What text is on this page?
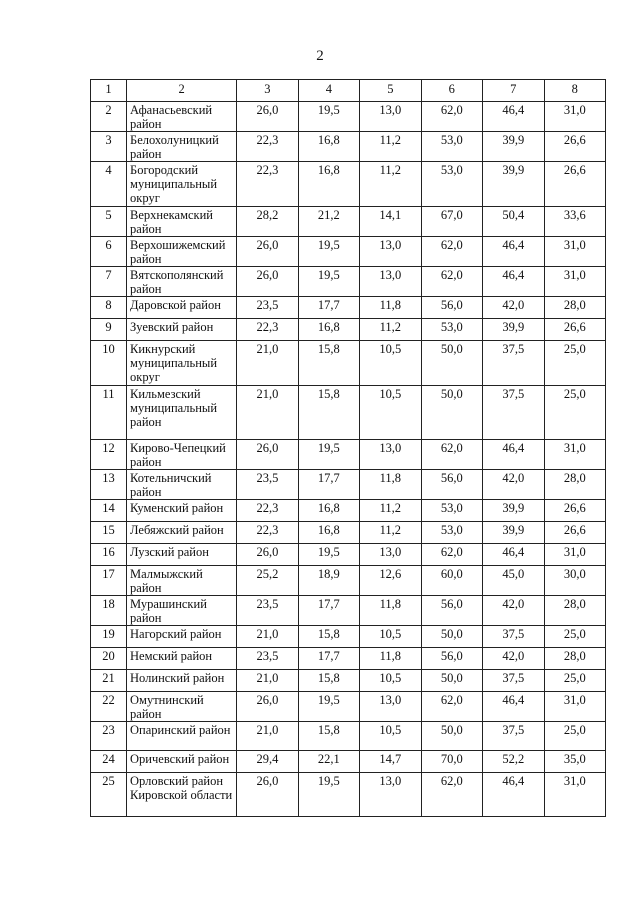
2
1	2	3	4	5	6	7	8
2	Афанасьевский район	26,0	19,5	13,0	62,0	46,4	31,0
3	Белохолуницкий район	22,3	16,8	11,2	53,0	39,9	26,6
4	Богородский муниципальный округ	22,3	16,8	11,2	53,0	39,9	26,6
5	Верхнекамский район	28,2	21,2	14,1	67,0	50,4	33,6
6	Верхошижемский район	26,0	19,5	13,0	62,0	46,4	31,0
7	Вятскополянский район	26,0	19,5	13,0	62,0	46,4	31,0
8	Даровской район	23,5	17,7	11,8	56,0	42,0	28,0
9	Зуевский район	22,3	16,8	11,2	53,0	39,9	26,6
10	Кикнурский муниципальный округ	21,0	15,8	10,5	50,0	37,5	25,0
11	Кильмезский муниципальный район	21,0	15,8	10,5	50,0	37,5	25,0
12	Кирово-Чепецкий район	26,0	19,5	13,0	62,0	46,4	31,0
13	Котельничский район	23,5	17,7	11,8	56,0	42,0	28,0
14	Куменский район	22,3	16,8	11,2	53,0	39,9	26,6
15	Лебяжский район	22,3	16,8	11,2	53,0	39,9	26,6
16	Лузский район	26,0	19,5	13,0	62,0	46,4	31,0
17	Малмыжский район	25,2	18,9	12,6	60,0	45,0	30,0
18	Мурашинский район	23,5	17,7	11,8	56,0	42,0	28,0
19	Нагорский район	21,0	15,8	10,5	50,0	37,5	25,0
20	Немский район	23,5	17,7	11,8	56,0	42,0	28,0
21	Нолинский район	21,0	15,8	10,5	50,0	37,5	25,0
22	Омутнинский район	26,0	19,5	13,0	62,0	46,4	31,0
23	Опаринский район	21,0	15,8	10,5	50,0	37,5	25,0
24	Оричевский район	29,4	22,1	14,7	70,0	52,2	35,0
25	Орловский район Кировской области	26,0	19,5	13,0	62,0	46,4	31,0
